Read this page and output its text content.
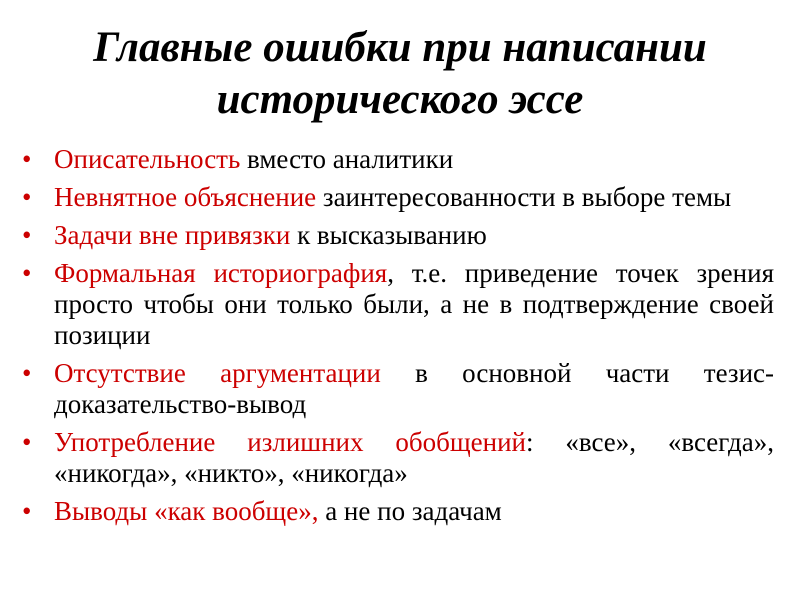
Главные ошибки при написании
исторического эссе
• Описательность вместо аналитики
• Невнятное объяснение заинтересованности в выборе темы
• Задачи вне привязки к высказыванию
• Формальная историография, т.е. приведение точек зрения просто чтобы они только были, а не в подтверждение своей позиции
• Отсутствие аргументации в основной части тезис-доказательство-вывод
• Употребление излишних обобщений: «все», «всегда», «никогда», «никто», «никогда»
• Выводы «как вообще», а не по задачам
